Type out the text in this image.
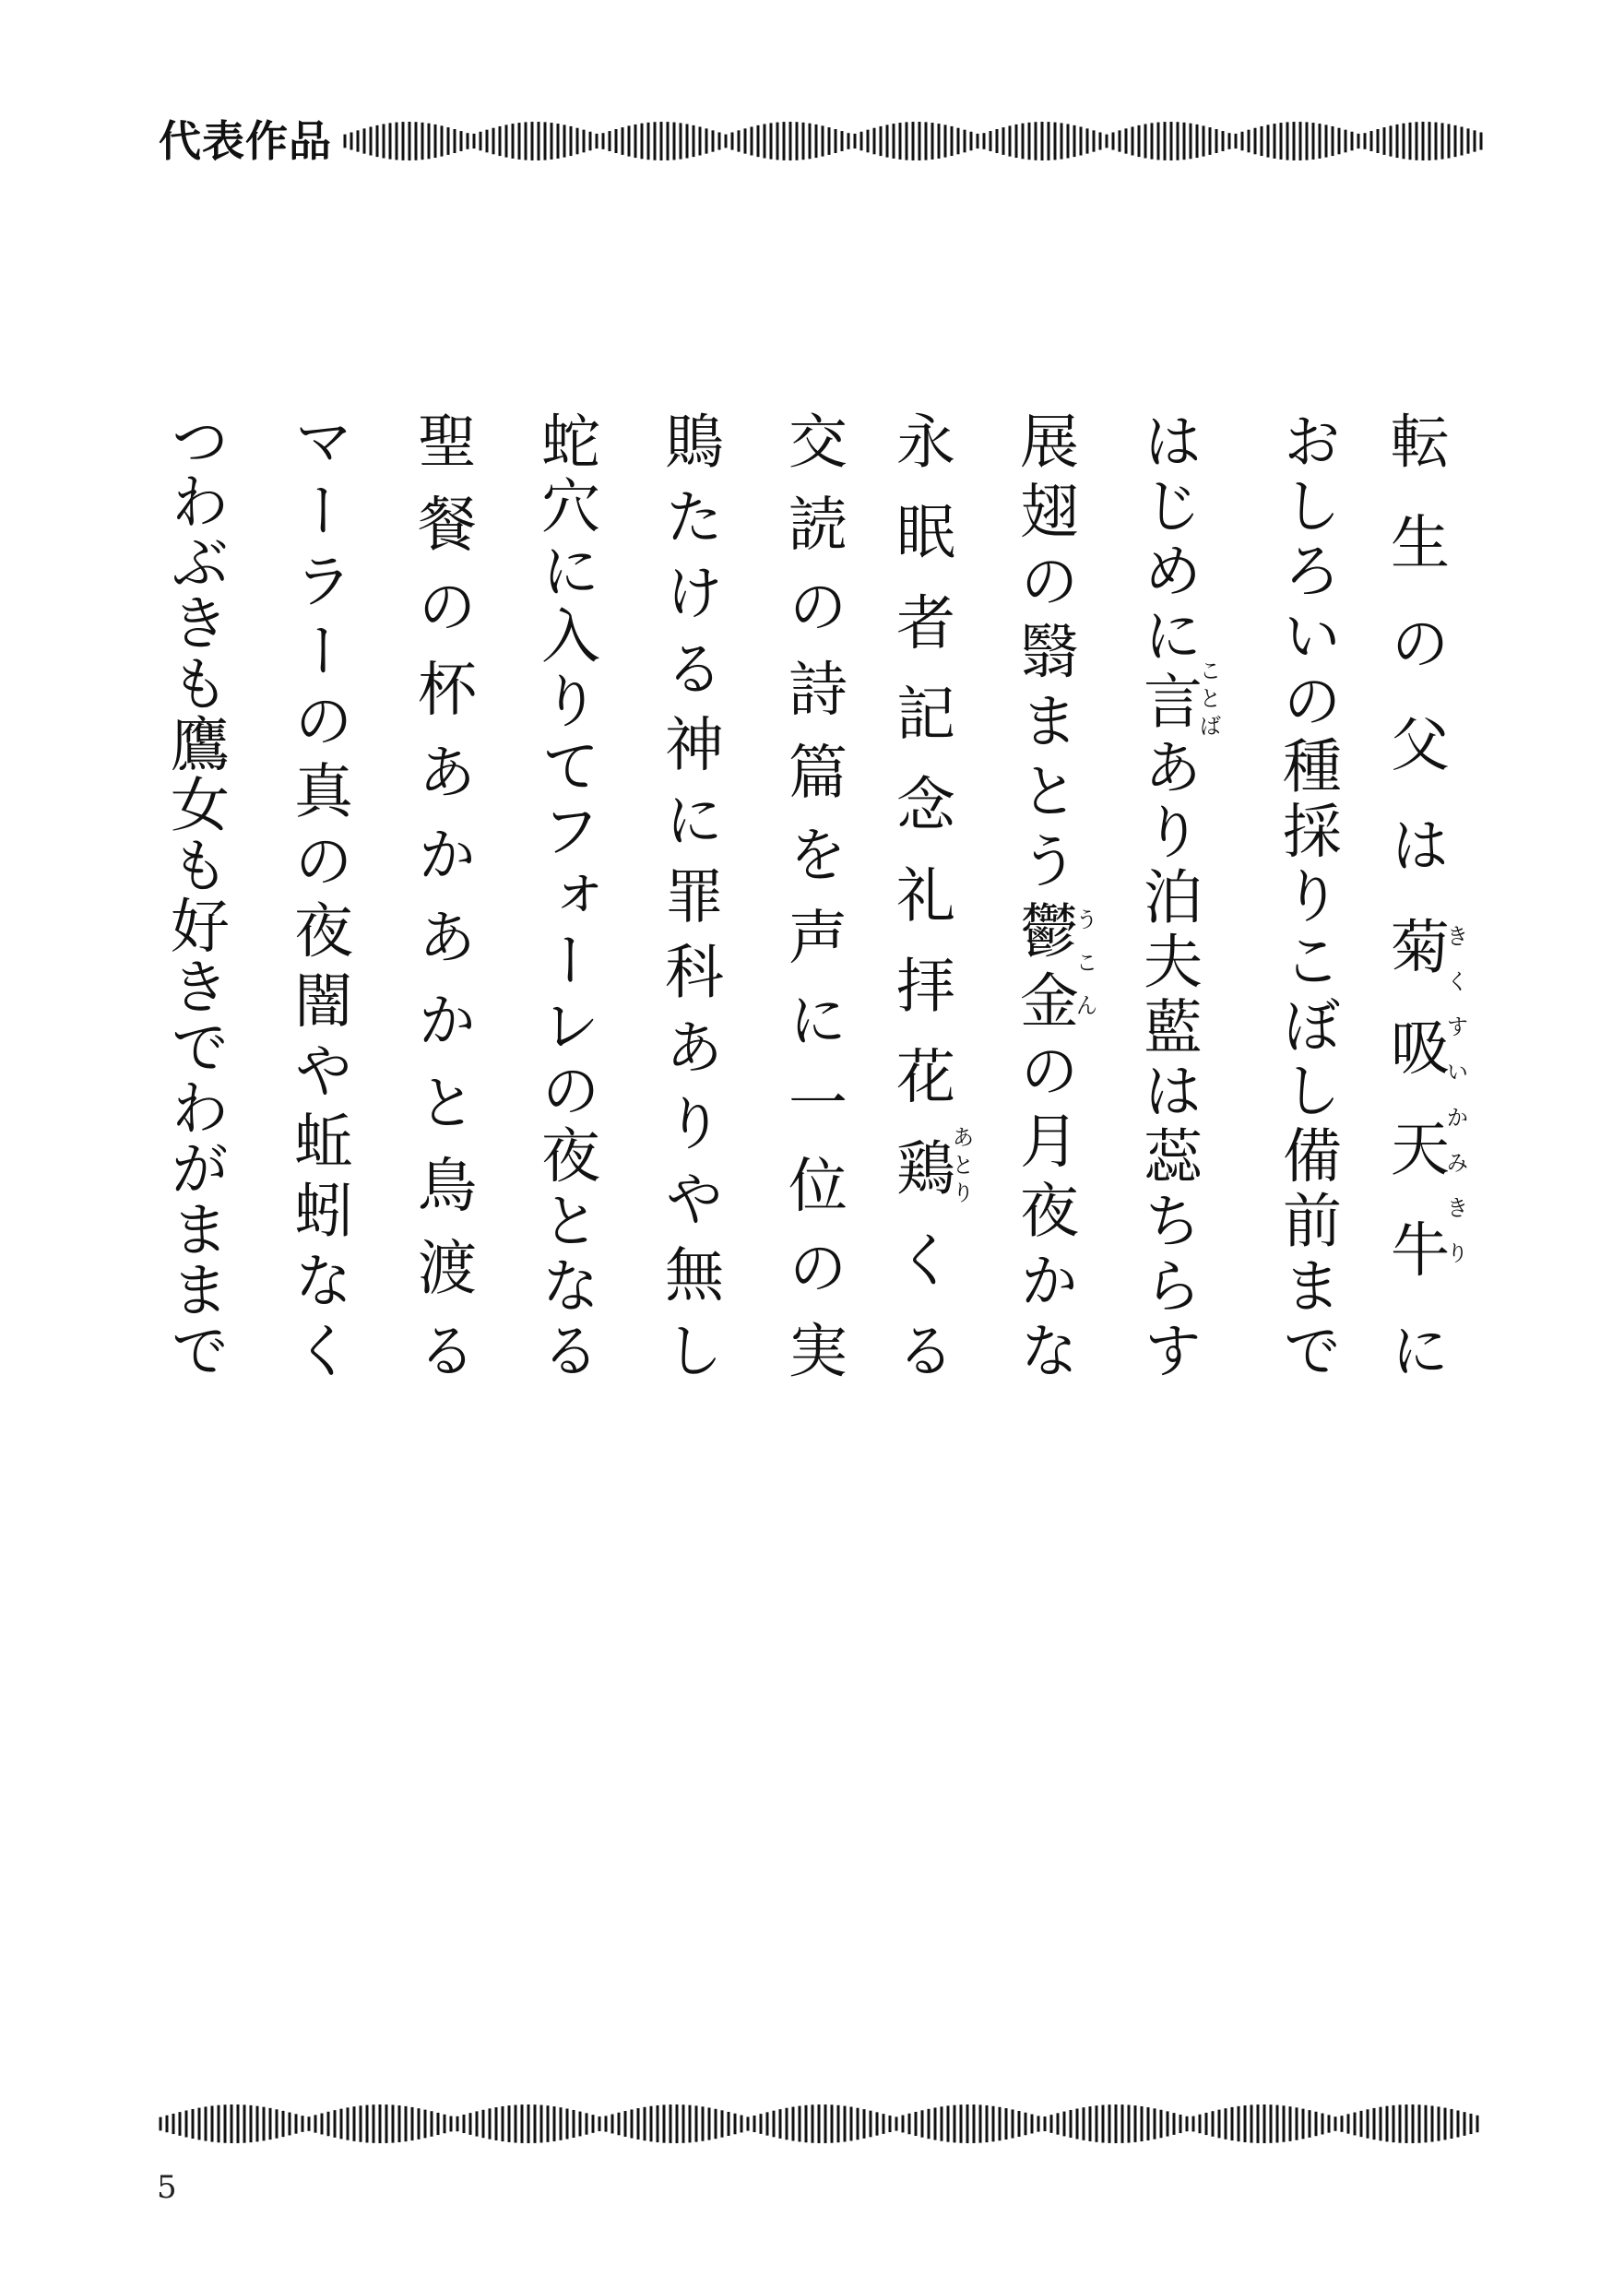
代表作品
転生の父は菊吸天牛きくすいかみきりに
おしろいの種採りこぼし備前まで
はじめに言ことばあり泊夫藍は蕊ちらす
展翅の翳まとう鬱金うこんの月夜かな
永眠者記念礼拝花鶏あとりくる
交読の詩篇を声に一位の実
鵙たける神に罪科ありや無し
蛇穴に入りてフォーレの夜となる
聖餐の杯あかあかと鳥渡る
マーラーの真の夜闇や蚯蚓なく
つわぶきも鷹女も好きでわがままで
5
